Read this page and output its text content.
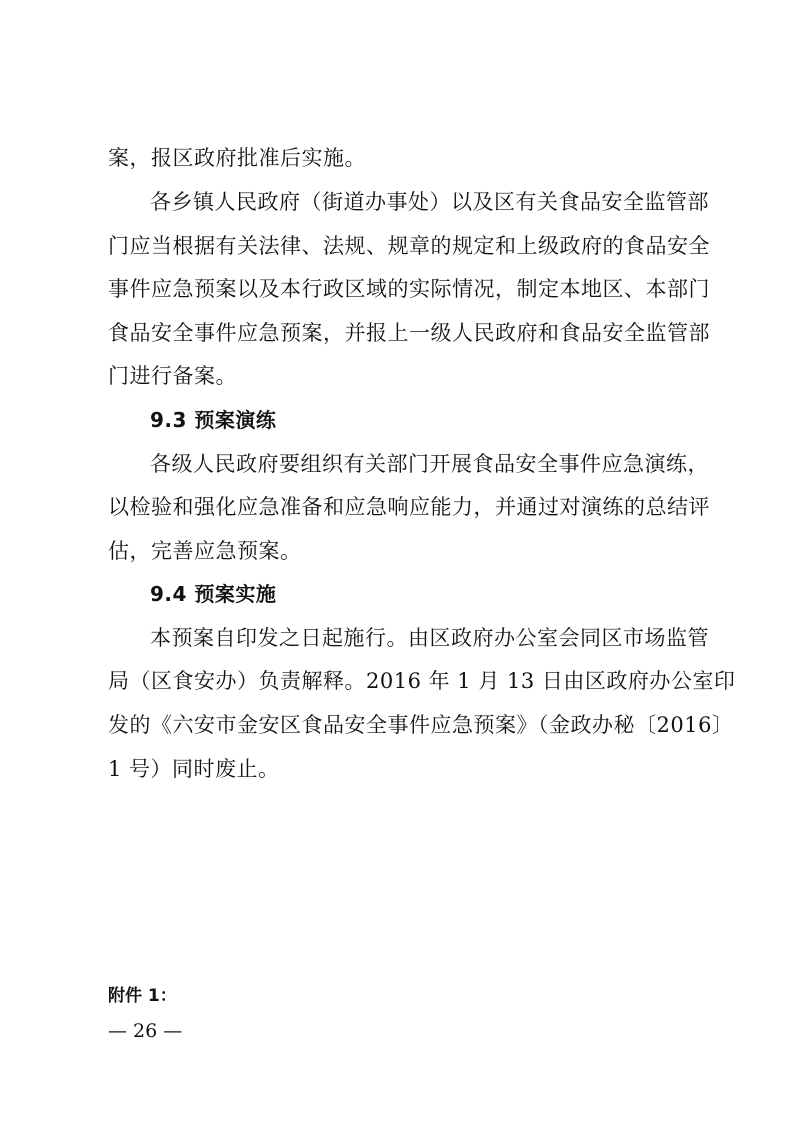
案，报区政府批准后实施。
各乡镇人民政府（街道办事处）以及区有关食品安全监管部
门应当根据有关法律、法规、规章的规定和上级政府的食品安全
事件应急预案以及本行政区域的实际情况，制定本地区、本部门
食品安全事件应急预案，并报上一级人民政府和食品安全监管部
门进行备案。
9.3 预案演练
各级人民政府要组织有关部门开展食品安全事件应急演练，
以检验和强化应急准备和应急响应能力，并通过对演练的总结评
估，完善应急预案。
9.4 预案实施
本预案自印发之日起施行。由区政府办公室会同区市场监管
局（区食安办）负责解释。2016 年 1 月 13 日由区政府办公室印
发的《六安市金安区食品安全事件应急预案》（金政办秘〔2016〕
1 号）同时废止。
附件 1：
— 26 —
